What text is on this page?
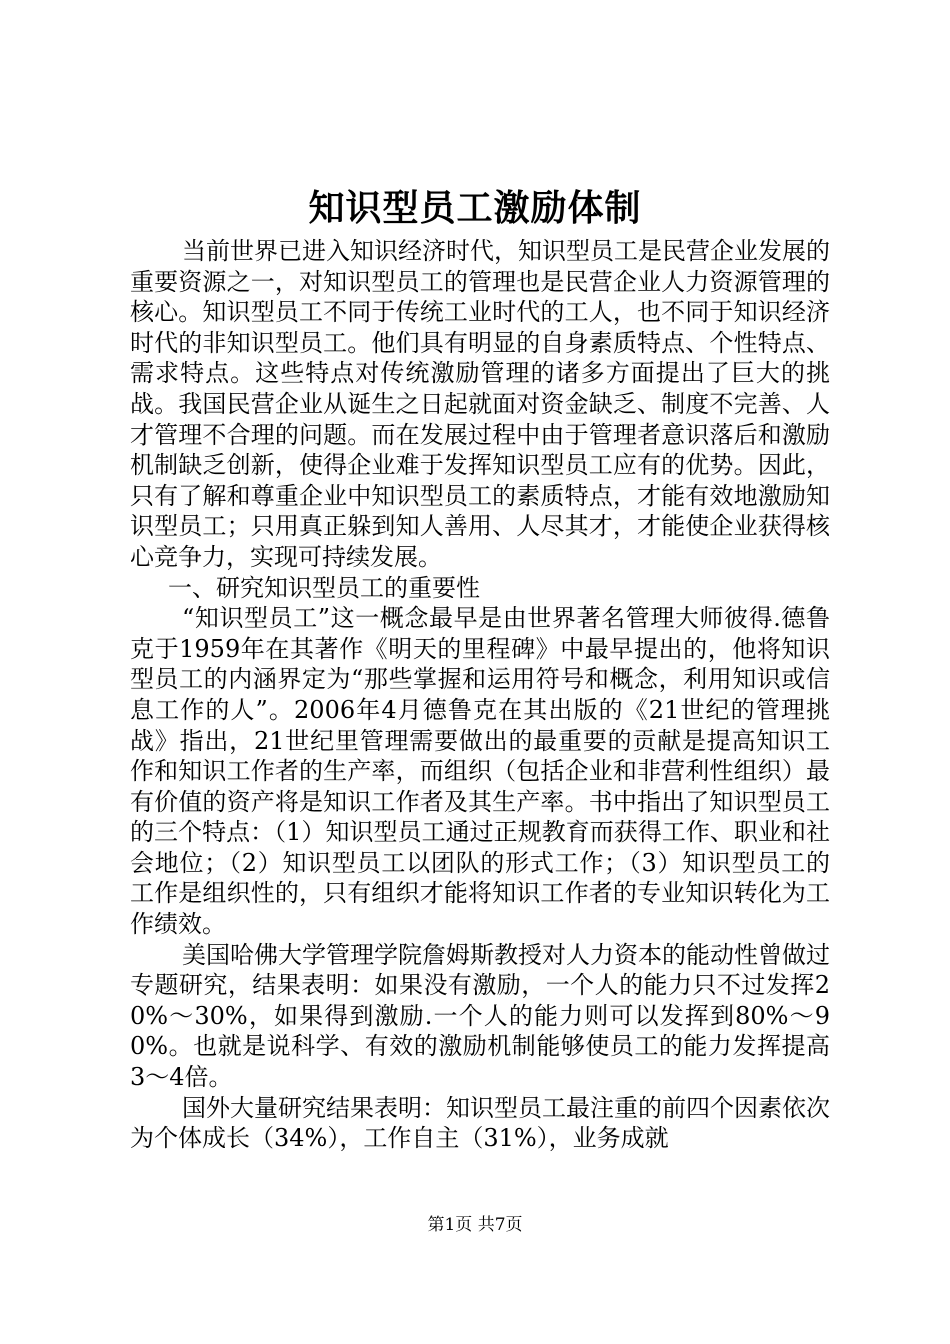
知识型员工激励体制

当前世界已进入知识经济时代，知识型员工是民营企业发展的重要资源之一，对知识型员工的管理也是民营企业人力资源管理的核心。知识型员工不同于传统工业时代的工人，也不同于知识经济时代的非知识型员工。他们具有明显的自身素质特点、个性特点、需求特点。这些特点对传统激励管理的诸多方面提出了巨大的挑战。我国民营企业从诞生之日起就面对资金缺乏、制度不完善、人才管理不合理的问题。而在发展过程中由于管理者意识落后和激励机制缺乏创新，使得企业难于发挥知识型员工应有的优势。因此，只有了解和尊重企业中知识型员工的素质特点，才能有效地激励知识型员工；只用真正躲到知人善用、人尽其才，才能使企业获得核心竞争力，实现可持续发展。

一、研究知识型员工的重要性

“知识型员工”这一概念最早是由世界著名管理大师彼得.德鲁克于1959年在其著作《明天的里程碑》中最早提出的，他将知识型员工的内涵界定为“那些掌握和运用符号和概念，利用知识或信息工作的人”。2006年4月德鲁克在其出版的《21世纪的管理挑战》指出，21世纪里管理需要做出的最重要的贡献是提高知识工作和知识工作者的生产率，而组织（包括企业和非营利性组织）最有价值的资产将是知识工作者及其生产率。书中指出了知识型员工的三个特点：（1）知识型员工通过正规教育而获得工作、职业和社会地位；（2）知识型员工以团队的形式工作；（3）知识型员工的工作是组织性的，只有组织才能将知识工作者的专业知识转化为工作绩效。

美国哈佛大学管理学院詹姆斯教授对人力资本的能动性曾做过专题研究，结果表明：如果没有激励，一个人的能力只不过发挥20%～30%，如果得到激励.一个人的能力则可以发挥到80%～90%。也就是说科学、有效的激励机制能够使员工的能力发挥提高3～4倍。

国外大量研究结果表明：知识型员工最注重的前四个因素依次为个体成长（34%），工作自主（31%），业务成就

第1页 共7页
